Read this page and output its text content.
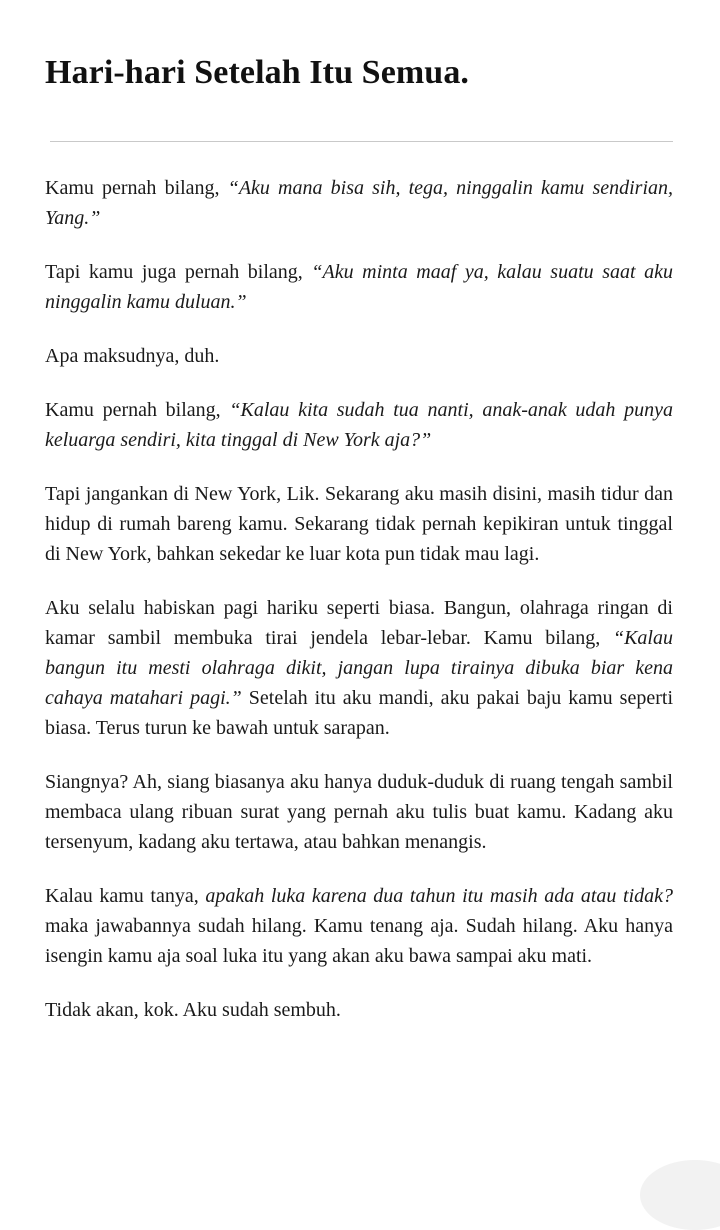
Hari-hari Setelah Itu Semua.

Kamu pernah bilang, “Aku mana bisa sih, tega, ninggalin kamu sendirian, Yang.”

Tapi kamu juga pernah bilang, “Aku minta maaf ya, kalau suatu saat aku ninggalin kamu duluan.”

Apa maksudnya, duh.

Kamu pernah bilang, “Kalau kita sudah tua nanti, anak-anak udah punya keluarga sendiri, kita tinggal di New York aja?”

Tapi jangankan di New York, Lik. Sekarang aku masih disini, masih tidur dan hidup di rumah bareng kamu. Sekarang tidak pernah kepikiran untuk tinggal di New York, bahkan sekedar ke luar kota pun tidak mau lagi.

Aku selalu habiskan pagi hariku seperti biasa. Bangun, olahraga ringan di kamar sambil membuka tirai jendela lebar-lebar. Kamu bilang, “Kalau bangun itu mesti olahraga dikit, jangan lupa tirainya dibuka biar kena cahaya matahari pagi.” Setelah itu aku mandi, aku pakai baju kamu seperti biasa. Terus turun ke bawah untuk sarapan.

Siangnya? Ah, siang biasanya aku hanya duduk-duduk di ruang tengah sambil membaca ulang ribuan surat yang pernah aku tulis buat kamu. Kadang aku tersenyum, kadang aku tertawa, atau bahkan menangis.

Kalau kamu tanya, apakah luka karena dua tahun itu masih ada atau tidak? maka jawabannya sudah hilang. Kamu tenang aja. Sudah hilang. Aku hanya isengin kamu aja soal luka itu yang akan aku bawa sampai aku mati.

Tidak akan, kok. Aku sudah sembuh.
